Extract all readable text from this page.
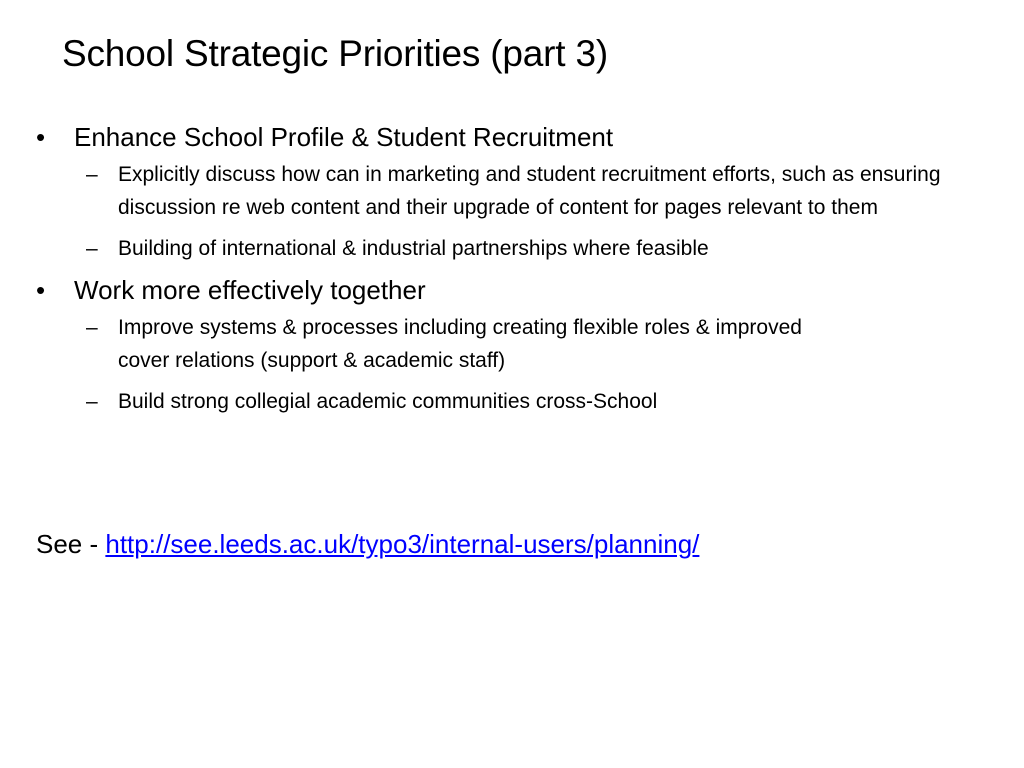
School Strategic Priorities (part 3)
•	Enhance School Profile & Student Recruitment
– Explicitly discuss how can in marketing and student recruitment efforts, such as ensuring discussion re web content and their upgrade of content for pages relevant to them
– Building of international & industrial partnerships where feasible
•	Work more effectively together
– Improve systems & processes including creating flexible roles & improved cover relations (support & academic staff)
– Build strong collegial academic communities cross-School
See - http://see.leeds.ac.uk/typo3/internal-users/planning/
